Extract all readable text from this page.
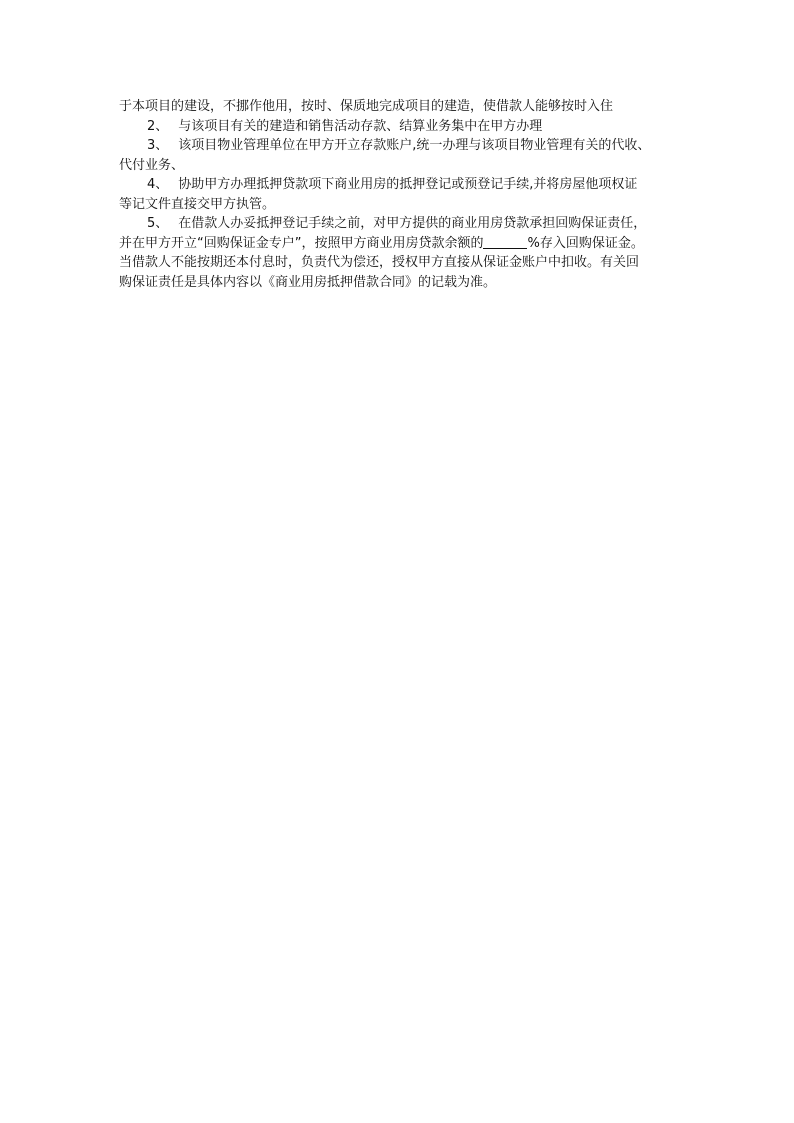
于本项目的建设，不挪作他用，按时、保质地完成项目的建造，使借款人能够按时入住
2、 与该项目有关的建造和销售活动存款、结算业务集中在甲方办理
3、 该项目物业管理单位在甲方开立存款账户,统一办理与该项目物业管理有关的代收、
代付业务、
4、 协助甲方办理抵押贷款项下商业用房的抵押登记或预登记手续,并将房屋他项权证
等记文件直接交甲方执管。
5、 在借款人办妥抵押登记手续之前，对甲方提供的商业用房贷款承担回购保证责任，
并在甲方开立“回购保证金专户”，按照甲方商业用房贷款余额的	%存入回购保证金。
当借款人不能按期还本付息时，负责代为偿还，授权甲方直接从保证金账户中扣收。有关回
购保证责任是具体内容以《商业用房抵押借款合同》的记载为准。
